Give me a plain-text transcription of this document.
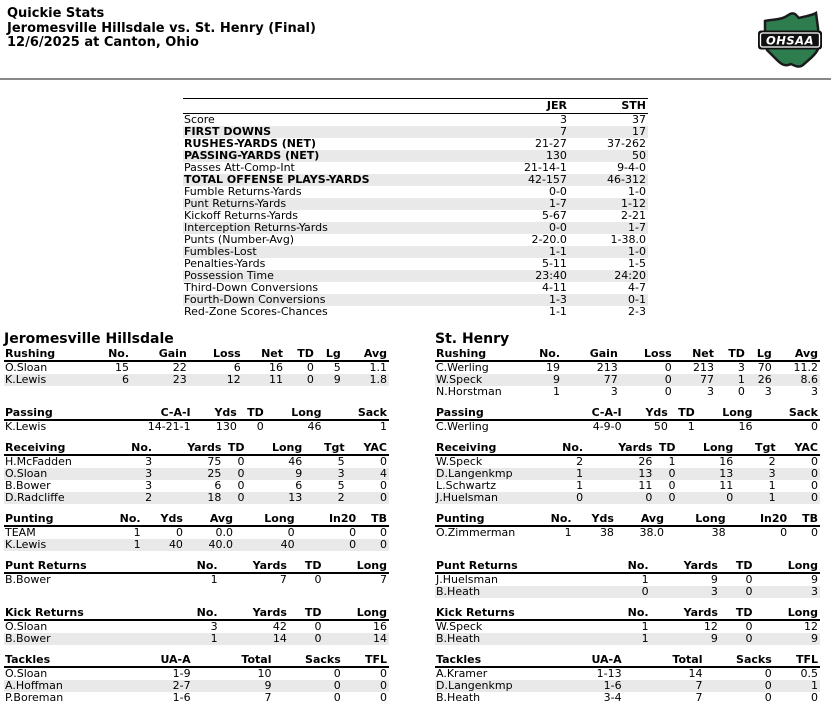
Quickie Stats
Jeromesville Hillsdale vs. St. Henry (Final)
12/6/2025 at Canton, Ohio	OHSAA
	JER	STH
Score	3	37
FIRST DOWNS	7	17
RUSHES-YARDS (NET)	21-27	37-262
PASSING-YARDS (NET)	130	50
Passes Att-Comp-Int	21-14-1	9-4-0
TOTAL OFFENSE PLAYS-YARDS	42-157	46-312
Fumble Returns-Yards	0-0	1-0
Punt Returns-Yards	1-7	1-12
Kickoff Returns-Yards	5-67	2-21
Interception Returns-Yards	0-0	1-7
Punts (Number-Avg)	2-20.0	1-38.0
Fumbles-Lost	1-1	1-0
Penalties-Yards	5-11	1-5
Possession Time	23:40	24:20
Third-Down Conversions	4-11	4-7
Fourth-Down Conversions	1-3	0-1
Red-Zone Scores-Chances	1-1	2-3
Jeromesville Hillsdale
Rushing	No.	Gain	Loss	Net	TD	Lg	Avg
O.Sloan	15	22	6	16	0	5	1.1
K.Lewis	6	23	12	11	0	9	1.8
St. Henry
Rushing	No.	Gain	Loss	Net	TD	Lg	Avg
C.Werling	19	213	0	213	3	70	11.2
W.Speck	9	77	0	77	1	26	8.6
N.Horstman	1	3	0	3	0	3	3
Passing	C-A-I	Yds	TD	Long	Sack
K.Lewis	14-21-1	130	0	46	1
Passing	C-A-I	Yds	TD	Long	Sack
C.Werling	4-9-0	50	1	16	0
Receiving	No.	Yards	TD	Long	Tgt	YAC
H.McFadden	3	75	0	46	5	0
O.Sloan	3	25	0	9	3	4
B.Bower	3	6	0	6	5	0
D.Radcliffe	2	18	0	13	2	0
Receiving	No.	Yards	TD	Long	Tgt	YAC
W.Speck	2	26	1	16	2	0
D.Langenkmp	1	13	0	13	3	0
L.Schwartz	1	11	0	11	1	0
J.Huelsman	0	0	0	0	1	0
Punting	No.	Yds	Avg	Long	In20	TB
TEAM	1	0	0.0	0	0	0
K.Lewis	1	40	40.0	40	0	0
Punting	No.	Yds	Avg	Long	In20	TB
O.Zimmerman	1	38	38.0	38	0	0
Punt Returns	No.	Yards	TD	Long
B.Bower	1	7	0	7
Punt Returns	No.	Yards	TD	Long
J.Huelsman	1	9	0	9
B.Heath	0	3	0	3
Kick Returns	No.	Yards	TD	Long
O.Sloan	3	42	0	16
B.Bower	1	14	0	14
Kick Returns	No.	Yards	TD	Long
W.Speck	1	12	0	12
B.Heath	1	9	0	9
Tackles	UA-A	Total	Sacks	TFL
O.Sloan	1-9	10	0	0
A.Hoffman	2-7	9	0	0
P.Boreman	1-6	7	0	0
Tackles	UA-A	Total	Sacks	TFL
A.Kramer	1-13	14	0	0.5
D.Langenkmp	1-6	7	0	1
B.Heath	3-4	7	0	0
